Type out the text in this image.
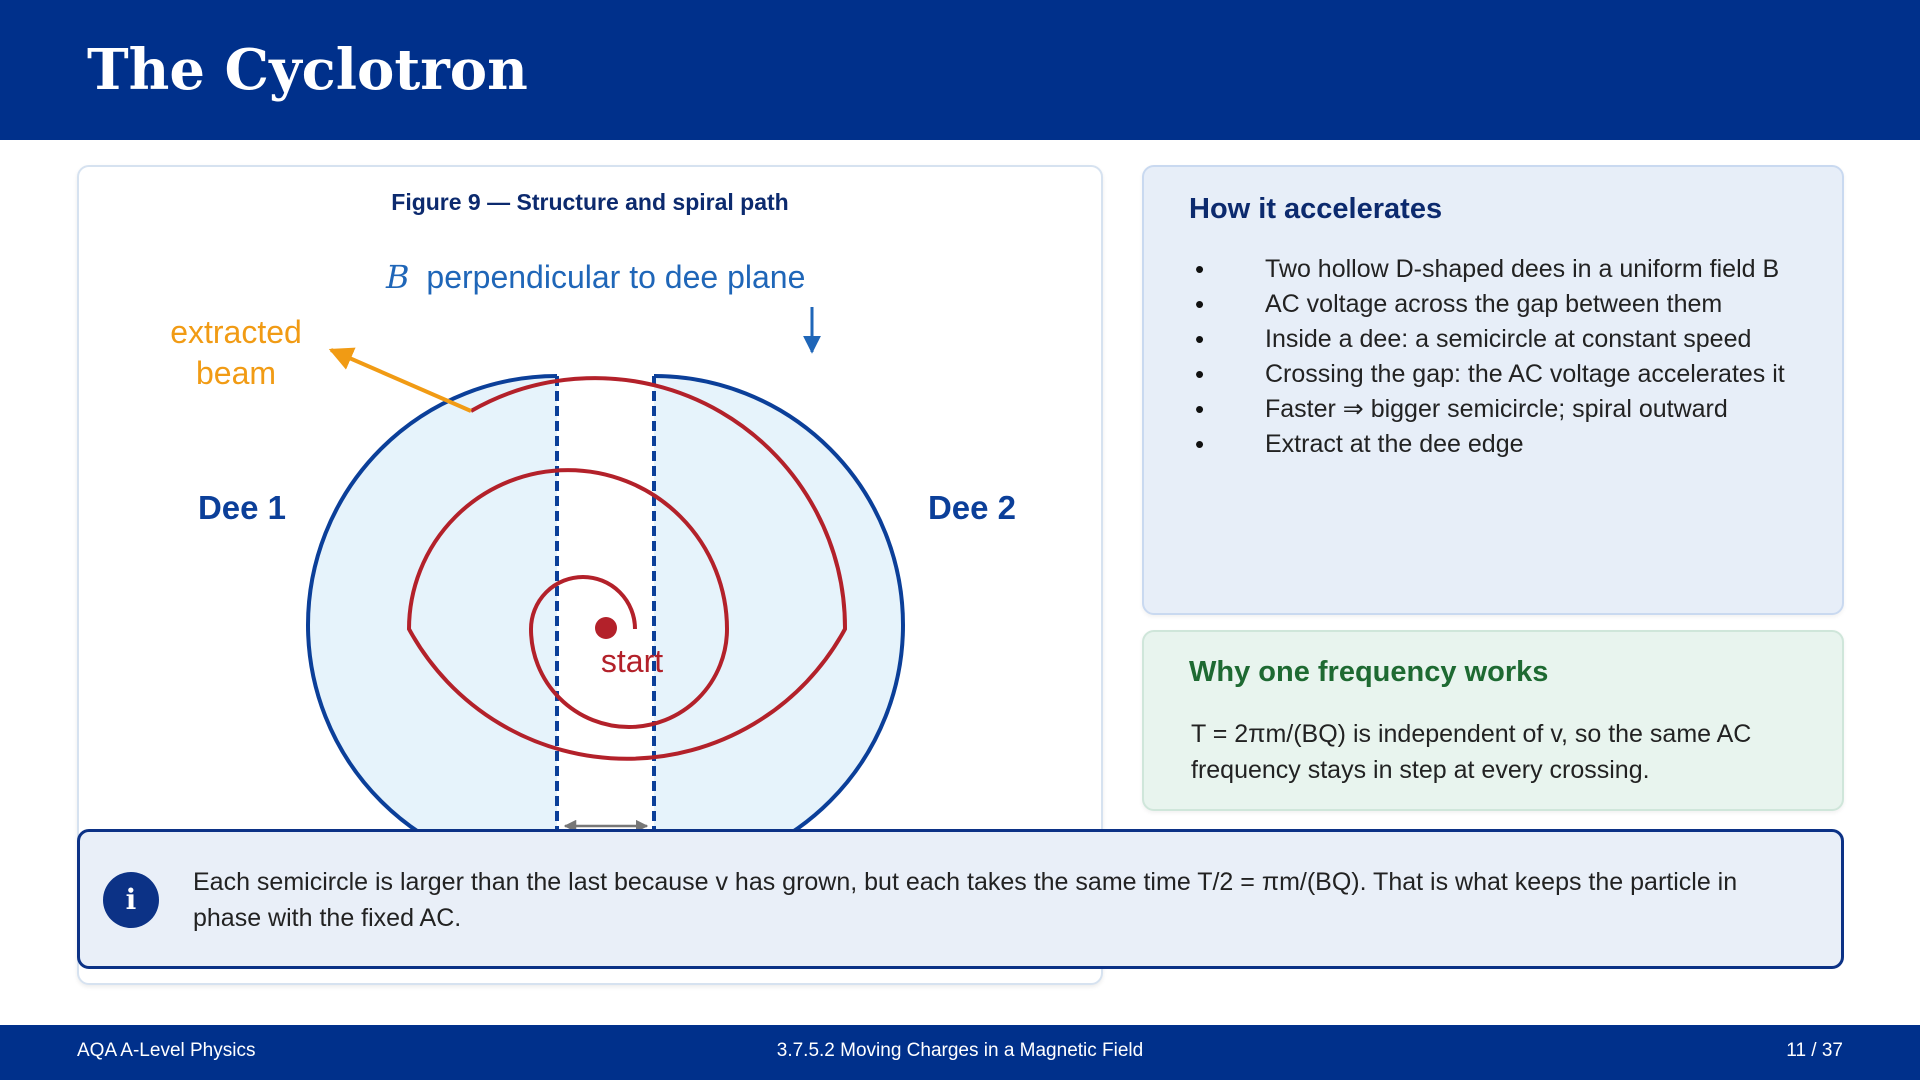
The Cyclotron
Figure 9 — Structure and spiral path
B perpendicular to dee plane
extracted
beam
Dee 1	Dee 2
start
How it accelerates
• Two hollow D-shaped dees in a uniform field B
• AC voltage across the gap between them
• Inside a dee: a semicircle at constant speed
• Crossing the gap: the AC voltage accelerates it
• Faster ⇒ bigger semicircle; spiral outward
• Extract at the dee edge
Why one frequency works

T = 2πm/(BQ) is independent of v, so the same AC frequency stays in step at every crossing.

i

Each semicircle is larger than the last because v has grown, but each takes the same time T/2 = πm/(BQ). That is what keeps the particle in phase with the fixed AC.

AQA A-Level Physics	3.7.5.2 Moving Charges in a Magnetic Field	11 / 37
